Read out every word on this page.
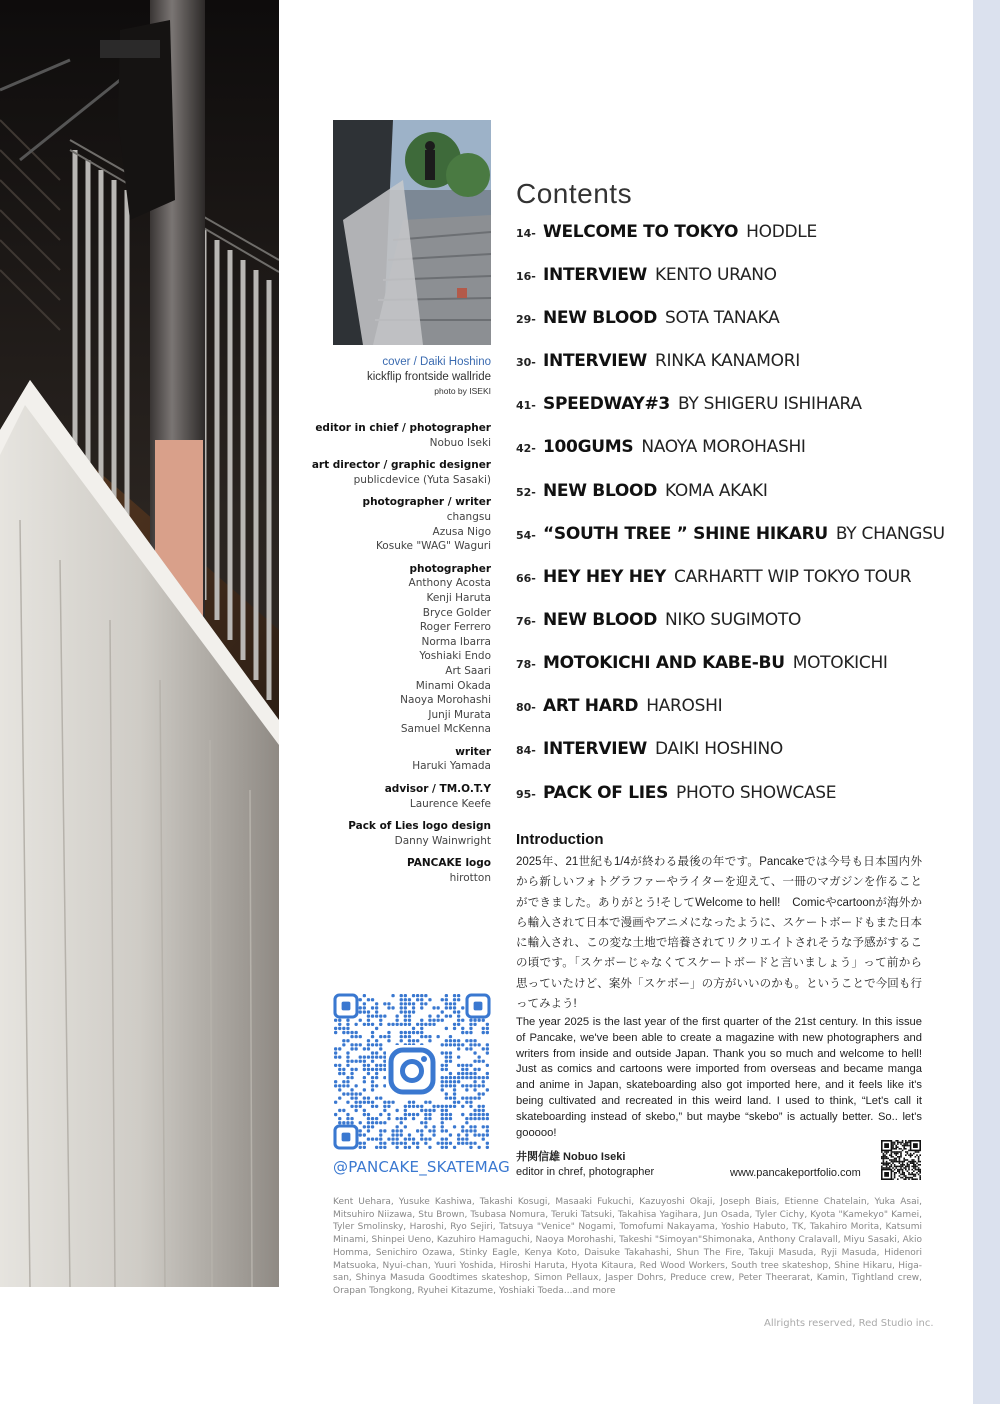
cover / Daiki Hoshino
kickflip frontside wallride
photo by ISEKI
editor in chief / photographer
Nobuo Iseki
art director / graphic designer
publicdevice (Yuta Sasaki)
photographer / writer
changsu
Azusa Nigo
Kosuke "WAG" Waguri
photographer
Anthony Acosta
Kenji Haruta
Bryce Golder
Roger Ferrero
Norma Ibarra
Yoshiaki Endo
Art Saari
Minami Okada
Naoya Morohashi
Junji Murata
Samuel McKenna
writer
Haruki Yamada
advisor / TM.O.T.Y
Laurence Keefe
Pack of Lies logo design
Danny Wainwright
PANCAKE logo
hirotton
Contents
14- WELCOME TO TOKYO HODDLE
16- INTERVIEW KENTO URANO
29- NEW BLOOD SOTA TANAKA
30- INTERVIEW RINKA KANAMORI
41- SPEEDWAY#3 BY SHIGERU ISHIHARA
42- 100GUMS NAOYA MOROHASHI
52- NEW BLOOD KOMA AKAKI
54- “SOUTH TREE ” SHINE HIKARU BY CHANGSU
66- HEY HEY HEY CARHARTT WIP TOKYO TOUR
76- NEW BLOOD NIKO SUGIMOTO
78- MOTOKICHI AND KABE-BU MOTOKICHI
80- ART HARD HAROSHI
84- INTERVIEW DAIKI HOSHINO
95- PACK OF LIES PHOTO SHOWCASE
Introduction
2025年、21世紀も1/4が終わる最後の年です。Pancakeでは今号も日本国内外から新しいフォトグラファーやライターを迎えて、一冊のマガジンを作ることができました。ありがとう!そしてWelcome to hell!　Comicやcartoonが海外から輸入されて日本で漫画やアニメになったように、スケートボードもまた日本に輸入され、この変な土地で培養されてリクリエイトされそうな予感がするこの頃です。「スケボーじゃなくてスケートボードと言いましょう」って前から思っていたけど、案外「スケボー」の方がいいのかも。ということで今回も行ってみよう!
The year 2025 is the last year of the first quarter of the 21st century. In this issue of Pancake, we've been able to create a magazine with new photographers and writers from inside and outside Japan. Thank you so much and welcome to hell! Just as comics and cartoons were imported from overseas and became manga and anime in Japan, skateboarding also got imported here, and it feels like it's being cultivated and recreated in this weird land. I used to think, “Let's call it skateboarding instead of skebo,” but maybe “skebo” is actually better. So.. let's gooooo!
井関信雄 Nobuo Iseki
editor in chref, photographer	www.pancakeportfolio.com
@PANCAKE_SKATEMAG
Kent Uehara, Yusuke Kashiwa, Takashi Kosugi, Masaaki Fukuchi, Kazuyoshi Okaji, Joseph Biais, Etienne Chatelain, Yuka Asai, Mitsuhiro Niizawa, Stu Brown, Tsubasa Nomura, Teruki Tatsuki, Takahisa Yagihara, Jun Osada, Tyler Cichy, Kyota "Kamekyo" Kamei, Tyler Smolinsky, Haroshi, Ryo Sejiri, Tatsuya "Venice" Nogami, Tomofumi Nakayama, Yoshio Habuto, TK, Takahiro Morita, Katsumi Minami, Shinpei Ueno, Kazuhiro Hamaguchi, Naoya Morohashi, Takeshi "Simoyan"Shimonaka, Anthony Cralavall, Miyu Sasaki, Akio Homma, Senichiro Ozawa, Stinky Eagle, Kenya Koto, Daisuke Takahashi, Shun The Fire, Takuji Masuda, Ryji Masuda, Hidenori Matsuoka, Nyui-chan, Yuuri Yoshida, Hiroshi Haruta, Hyota Kitaura, Red Wood Workers, South tree skateshop, Shine Hikaru, Higa-san, Shinya Masuda Goodtimes skateshop, Simon Pellaux, Jasper Dohrs, Preduce crew, Peter Theerarat, Kamin, Tightland crew, Orapan Tongkong, Ryuhei Kitazume, Yoshiaki Toeda...and more
Allrights reserved, Red Studio inc.
